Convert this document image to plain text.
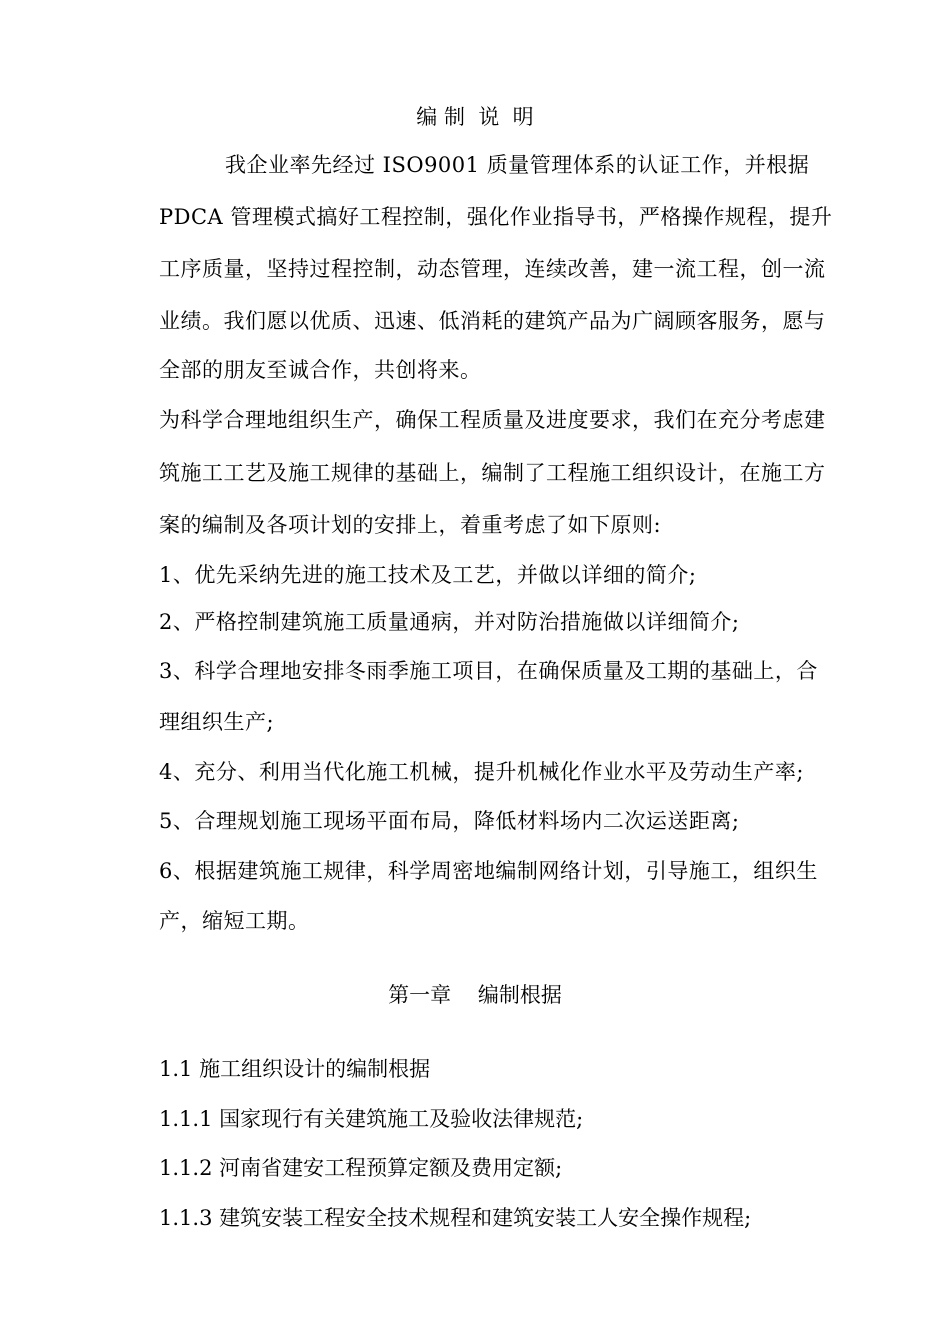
编 制  说  明
我企业率先经过 ISO9001 质量管理体系的认证工作，并根据
PDCA 管理模式搞好工程控制，强化作业指导书，严格操作规程，提升
工序质量，坚持过程控制，动态管理，连续改善，建一流工程，创一流
业绩。我们愿以优质、迅速、低消耗的建筑产品为广阔顾客服务，愿与
全部的朋友至诚合作，共创将来。
为科学合理地组织生产，确保工程质量及进度要求，我们在充分考虑建
筑施工工艺及施工规律的基础上，编制了工程施工组织设计，在施工方
案的编制及各项计划的安排上，着重考虑了如下原则:
1、优先采纳先进的施工技术及工艺，并做以详细的简介;
2、严格控制建筑施工质量通病，并对防治措施做以详细简介;
3、科学合理地安排冬雨季施工项目，在确保质量及工期的基础上，合
理组织生产;
4、充分、利用当代化施工机械，提升机械化作业水平及劳动生产率;
5、合理规划施工现场平面布局，降低材料场内二次运送距离;
6、根据建筑施工规律，科学周密地编制网络计划，引导施工，组织生
产，缩短工期。
第一章    编制根据
1.1 施工组织设计的编制根据
1.1.1 国家现行有关建筑施工及验收法律规范;
1.1.2 河南省建安工程预算定额及费用定额;
1.1.3 建筑安装工程安全技术规程和建筑安装工人安全操作规程;
